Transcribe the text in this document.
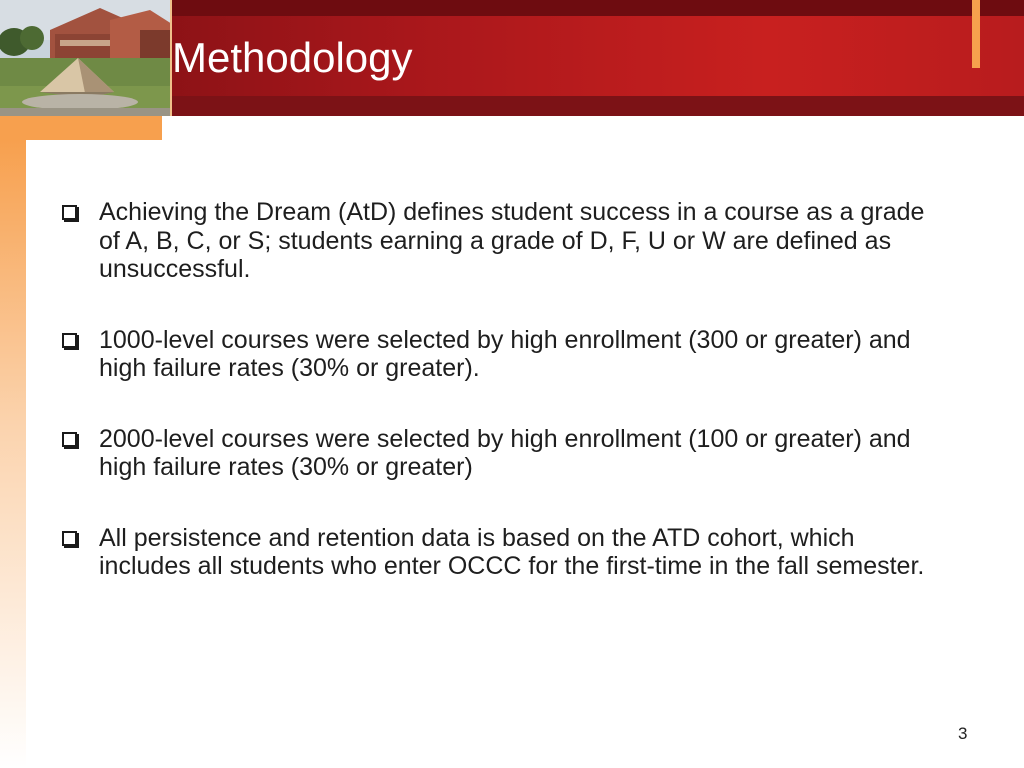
Methodology
Achieving the Dream (AtD) defines student success in a course as a grade of A, B, C, or S; students earning a grade of D, F, U or W are defined as unsuccessful.
1000-level courses were selected by high enrollment (300 or greater) and high failure rates (30% or greater).
2000-level courses were selected by high enrollment (100 or greater) and high failure rates (30% or greater)
All persistence and retention data is based on the ATD cohort, which includes all students who enter OCCC for the first-time in the fall semester.
3
